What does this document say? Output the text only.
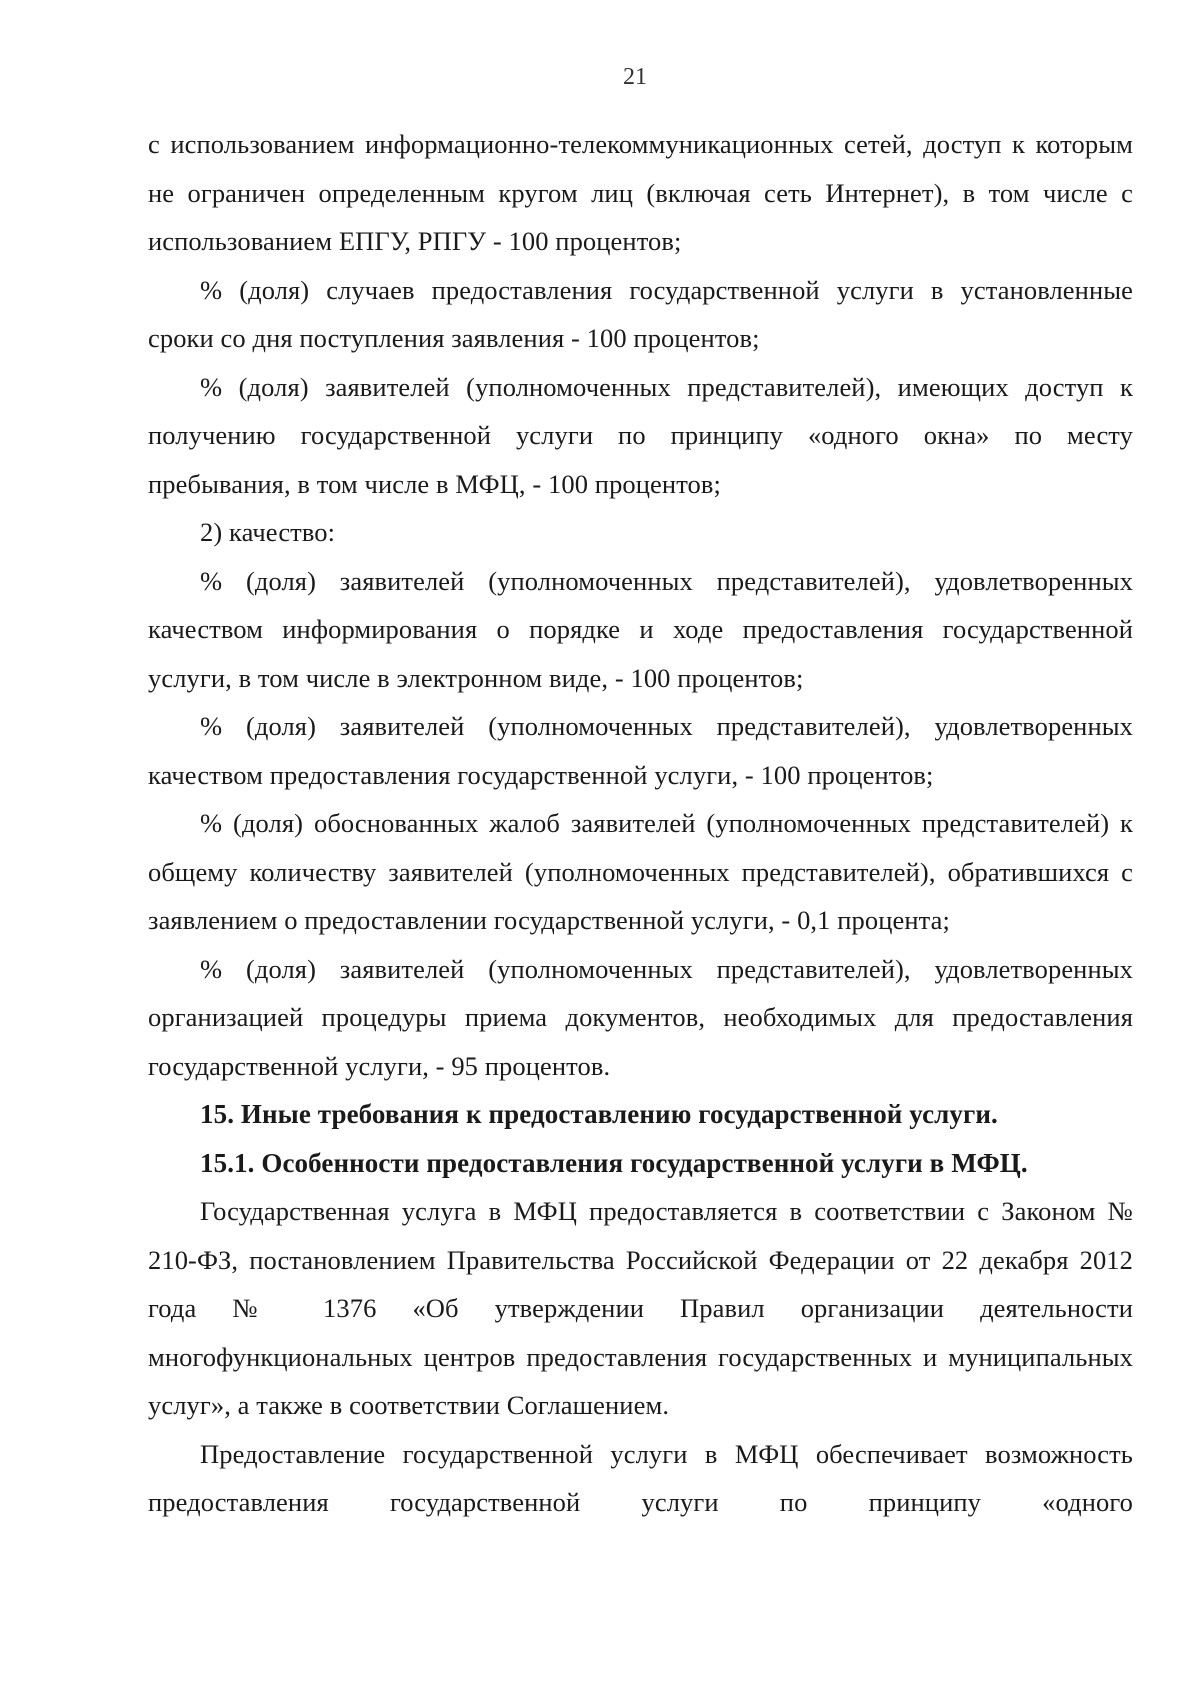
21

с использованием информационно-телекоммуникационных сетей, доступ к которым не ограничен определенным кругом лиц (включая сеть Интернет), в том числе с использованием ЕПГУ, РПГУ - 100 процентов;

% (доля) случаев предоставления государственной услуги в установленные сроки со дня поступления заявления - 100 процентов;

% (доля) заявителей (уполномоченных представителей), имеющих доступ к получению государственной услуги по принципу «одного окна» по месту пребывания, в том числе в МФЦ, - 100 процентов;

2) качество:

% (доля) заявителей (уполномоченных представителей), удовлетворенных качеством информирования о порядке и ходе предоставления государственной услуги, в том числе в электронном виде, - 100 процентов;

% (доля) заявителей (уполномоченных представителей), удовлетворенных качеством предоставления государственной услуги, - 100 процентов;

% (доля) обоснованных жалоб заявителей (уполномоченных представителей) к общему количеству заявителей (уполномоченных представителей), обратившихся с заявлением о предоставлении государственной услуги, - 0,1 процента;

% (доля) заявителей (уполномоченных представителей), удовлетворенных организацией процедуры приема документов, необходимых для предоставления государственной услуги, - 95 процентов.

15. Иные требования к предоставлению государственной услуги.

15.1. Особенности предоставления государственной услуги в МФЦ.

Государственная услуга в МФЦ предоставляется в соответствии с Законом № 210-ФЗ, постановлением Правительства Российской Федерации от 22 декабря 2012 года № 1376 «Об утверждении Правил организации деятельности многофункциональных центров предоставления государственных и муниципальных услуг», а также в соответствии Соглашением.

Предоставление государственной услуги в МФЦ обеспечивает возможность предоставления государственной услуги по принципу «одного
